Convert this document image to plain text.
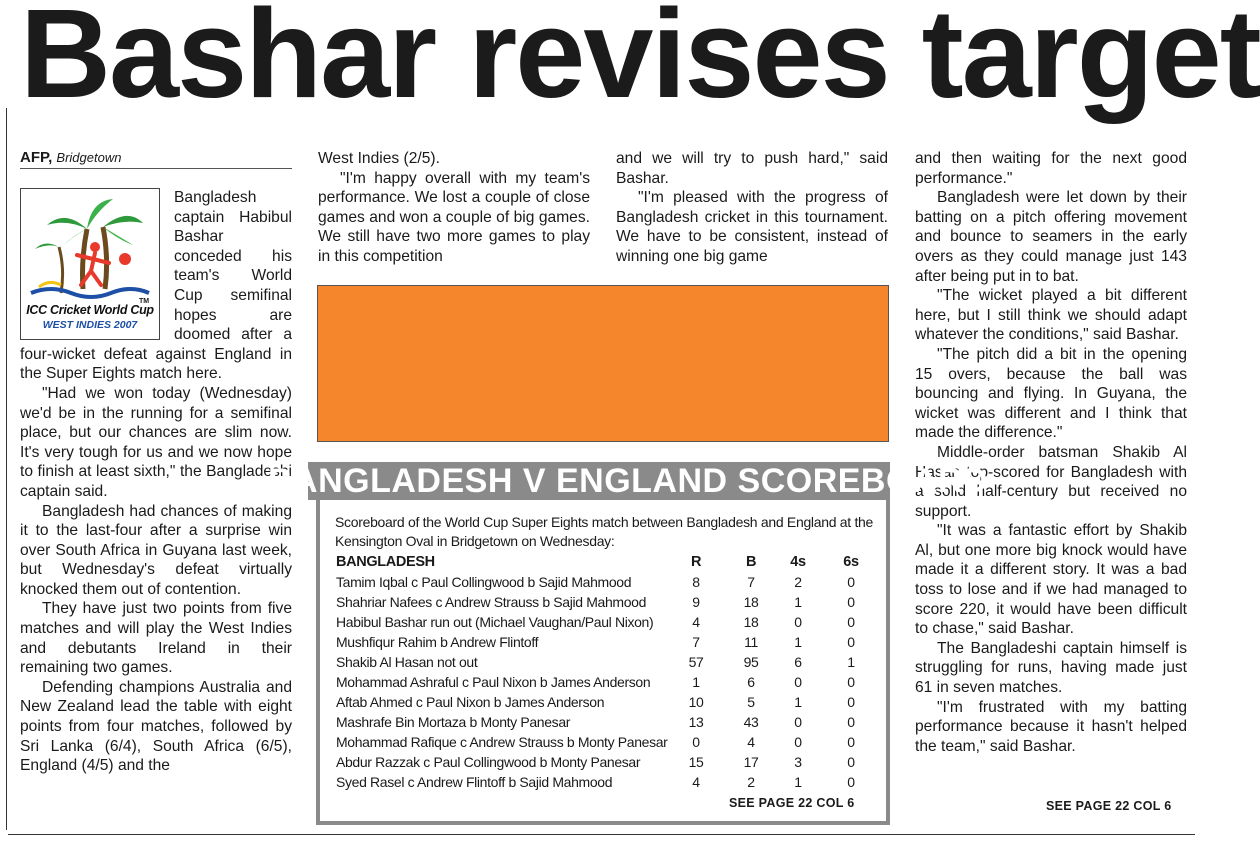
Bashar revises target
AFP, Bridgetown
TM
ICC Cricket World Cup
WEST INDIES 2007

Bangladesh captain Habibul Bashar conceded his team's World Cup semifinal hopes are doomed after a four-wicket defeat against England in the Super Eights match here.

"Had we won today (Wednesday) we'd be in the running for a semifinal place, but our chances are slim now. It's very tough for us and we now hope to finish at least sixth," the Bangladeshi captain said.

Bangladesh had chances of making it to the last-four after a surprise win over South Africa in Guyana last week, but Wednesday's defeat virtually knocked them out of contention.

They have just two points from five matches and will play the West Indies and debutants Ireland in their remaining two games.

Defending champions Australia and New Zealand lead the table with eight points from four matches, followed by Sri Lanka (6/4), South Africa (6/5), England (4/5) and the

West Indies (2/5).

"I'm happy overall with my team's performance. We lost a couple of close games and won a couple of big games. We still have two more games to play in this competition

and we will try to push hard," said Bashar.

"I'm pleased with the progress of Bangladesh cricket in this tournament. We have to be consistent, instead of winning one big game

and then waiting for the next good performance."

Bangladesh were let down by their batting on a pitch offering movement and bounce to seamers in the early overs as they could manage just 143 after being put in to bat.

"The wicket played a bit different here, but I still think we should adapt whatever the conditions," said Bashar.

"The pitch did a bit in the opening 15 overs, because the ball was bouncing and flying. In Guyana, the wicket was different and I think that made the difference."

Middle-order batsman Shakib Al Hasan top-scored for Bangladesh with a solid half-century but received no support.

"It was a fantastic effort by Shakib Al, but one more big knock would have made it a different story. It was a bad toss to lose and if we had managed to score 220, it would have been difficult to chase," said Bashar.

The Bangladeshi captain himself is struggling for runs, having made just 61 in seven matches.

"I'm frustrated with my batting performance because it hasn't helped the team," said Bashar.

SEE PAGE 22 COL 6
BANGLADESH V ENGLAND SCOREBOARD
Scoreboard of the World Cup Super Eights match between Bangladesh and England at the Kensington Oval in Bridgetown on Wednesday:
BANGLADESH	R	B	4s	6s
Tamim Iqbal c Paul Collingwood b Sajid Mahmood	8	7	2	0
Shahriar Nafees c Andrew Strauss b Sajid Mahmood	9	18	1	0
Habibul Bashar run out (Michael Vaughan/Paul Nixon)	4	18	0	0
Mushfiqur Rahim b Andrew Flintoff	7	11	1	0
Shakib Al Hasan not out	57	95	6	1
Mohammad Ashraful c Paul Nixon b James Anderson	1	6	0	0
Aftab Ahmed c Paul Nixon b James Anderson	10	5	1	0
Mashrafe Bin Mortaza b Monty Panesar	13	43	0	0
Mohammad Rafique c Andrew Strauss b Monty Panesar	0	4	0	0
Abdur Razzak c Paul Collingwood b Monty Panesar	15	17	3	0
Syed Rasel c Andrew Flintoff b Sajid Mahmood	4	2	1	0
SEE PAGE 22 COL 6
